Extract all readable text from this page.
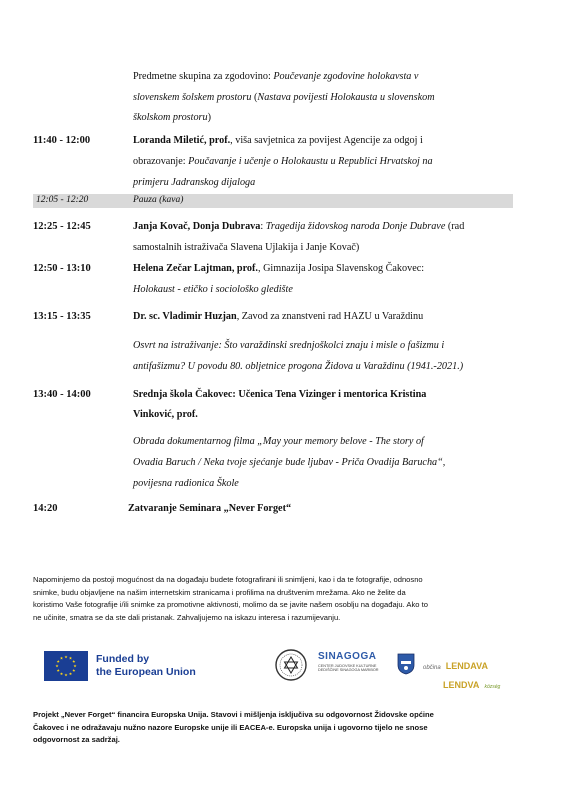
Predmetne skupina za zgodovino: Poučevanje zgodovine holokavsta v
slovenskem šolskem prostoru (Nastava povijesti Holokausta u slovenskom
školskom prostoru)
11:40 - 12:00	Loranda Miletić, prof., viša savjetnica za povijest Agencije za odgoj i
obrazovanje: Poučavanje i učenje o Holokaustu u Republici Hrvatskoj na
primjeru Jadranskog dijaloga
12:05 - 12:20	Pauza (kava)
12:25 - 12:45	Janja Kovač, Donja Dubrava: Tragedija židovskog naroda Donje Dubrave (rad
samostalnih istraživača Slavena Ujlakija i Janje Kovač)
12:50 - 13:10	Helena Zečar Lajtman, prof., Gimnazija Josipa Slavenskog Čakovec:
Holokaust - etičko i sociološko gledište
13:15 - 13:35	Dr. sc. Vladimir Huzjan, Zavod za znanstveni rad HAZU u Varaždinu
Osvrt na istraživanje: Što varaždinski srednjoškolci znaju i misle o fašizmu i
antifašizmu? U povodu 80. obljetnice progona Židova u Varaždinu (1941.-2021.)
13:40 - 14:00	Srednja škola Čakovec: Učenica Tena Vizinger i mentorica Kristina
Vinković, prof.
Obrada dokumentarnog filma „May your memory belove - The story of
Ovadia Baruch / Neka tvoje sjećanje bude ljubav - Priča Ovadija Barucha“,
povijesna radionica Škole
14:20	Zatvaranje Seminara „Never Forget“
Napominjemo da postoji mogućnost da na događaju budete fotografirani ili snimljeni, kao i da te fotografije, odnosno
snimke, budu objavljene na našim internetskim stranicama i profilima na društvenim mrežama. Ako ne želite da
koristimo Vaše fotografije i/ili snimke za promotivne aktivnosti, molimo da se javite našem osoblju na događaju. Ako to
ne učinite, smatra se da ste dali pristanak. Zahvaljujemo na iskazu interesa i razumijevanju.
Funded by
the European Union
SINAGOGA
CENTER JUDOVSKE KULTURNE
DEDIŠČINE SINAGOGA MARIBOR	občina LENDAVA
LENDVA község
Projekt „Never Forget“ financira Europska Unija. Stavovi i mišljenja isključiva su odgovornost Židovske općine
Čakovec i ne odražavaju nužno nazore Europske unije ili EACEA-e. Europska unija i ugovorno tijelo ne snose
odgovornost za sadržaj.
